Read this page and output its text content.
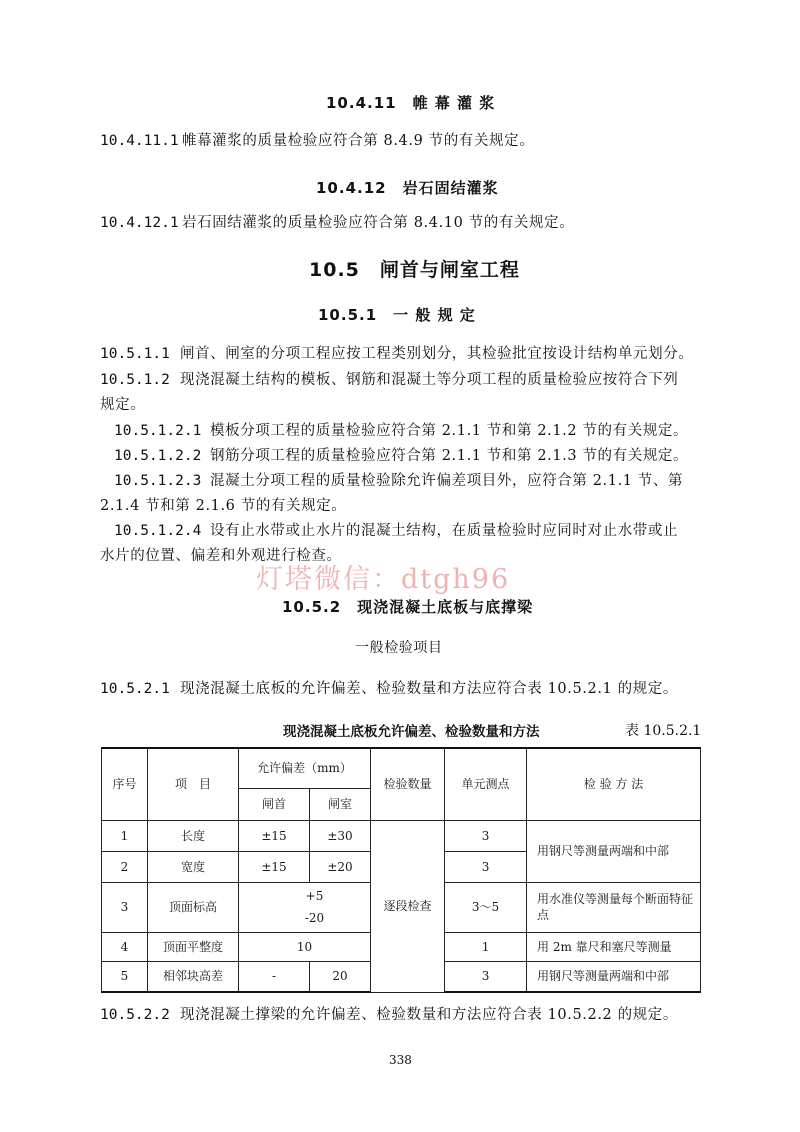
10.4.11　帷 幕 灌 浆
10.4.11.1 帷幕灌浆的质量检验应符合第 8.4.9 节的有关规定。
10.4.12　岩石固结灌浆
10.4.12.1 岩石固结灌浆的质量检验应符合第 8.4.10 节的有关规定。
10.5　闸首与闸室工程
10.5.1　一 般 规 定
10.5.1.1 闸首、闸室的分项工程应按工程类别划分，其检验批宜按设计结构单元划分。
10.5.1.2 现浇混凝土结构的模板、钢筋和混凝土等分项工程的质量检验应按符合下列
规定。
10.5.1.2.1 模板分项工程的质量检验应符合第 2.1.1 节和第 2.1.2 节的有关规定。
10.5.1.2.2 钢筋分项工程的质量检验应符合第 2.1.1 节和第 2.1.3 节的有关规定。
10.5.1.2.3 混凝土分项工程的质量检验除允许偏差项目外，应符合第 2.1.1 节、第
2.1.4 节和第 2.1.6 节的有关规定。
10.5.1.2.4 设有止水带或止水片的混凝土结构，在质量检验时应同时对止水带或止
水片的位置、偏差和外观进行检查。
灯塔微信：dtgh96
10.5.2　现浇混凝土底板与底撑梁
一般检验项目
10.5.2.1 现浇混凝土底板的允许偏差、检验数量和方法应符合表 10.5.2.1 的规定。
现浇混凝土底板允许偏差、检验数量和方法	表 10.5.2.1
序号	项　目	允许偏差（mm）		检验数量	单元测点	检 验 方 法
		闸首	闸室			
1	长度	±15	±30	逐段检查	3	用钢尺等测量两端和中部
2	宽度	±15	±20		3	
3	顶面标高	+5
-20			3～5	用水准仪等测量每个断面特征点
4	顶面平整度	10			1	用 2m 靠尺和塞尺等测量
5	相邻块高差	-	20		3	用钢尺等测量两端和中部
10.5.2.2 现浇混凝土撑梁的允许偏差、检验数量和方法应符合表 10.5.2.2 的规定。
338
